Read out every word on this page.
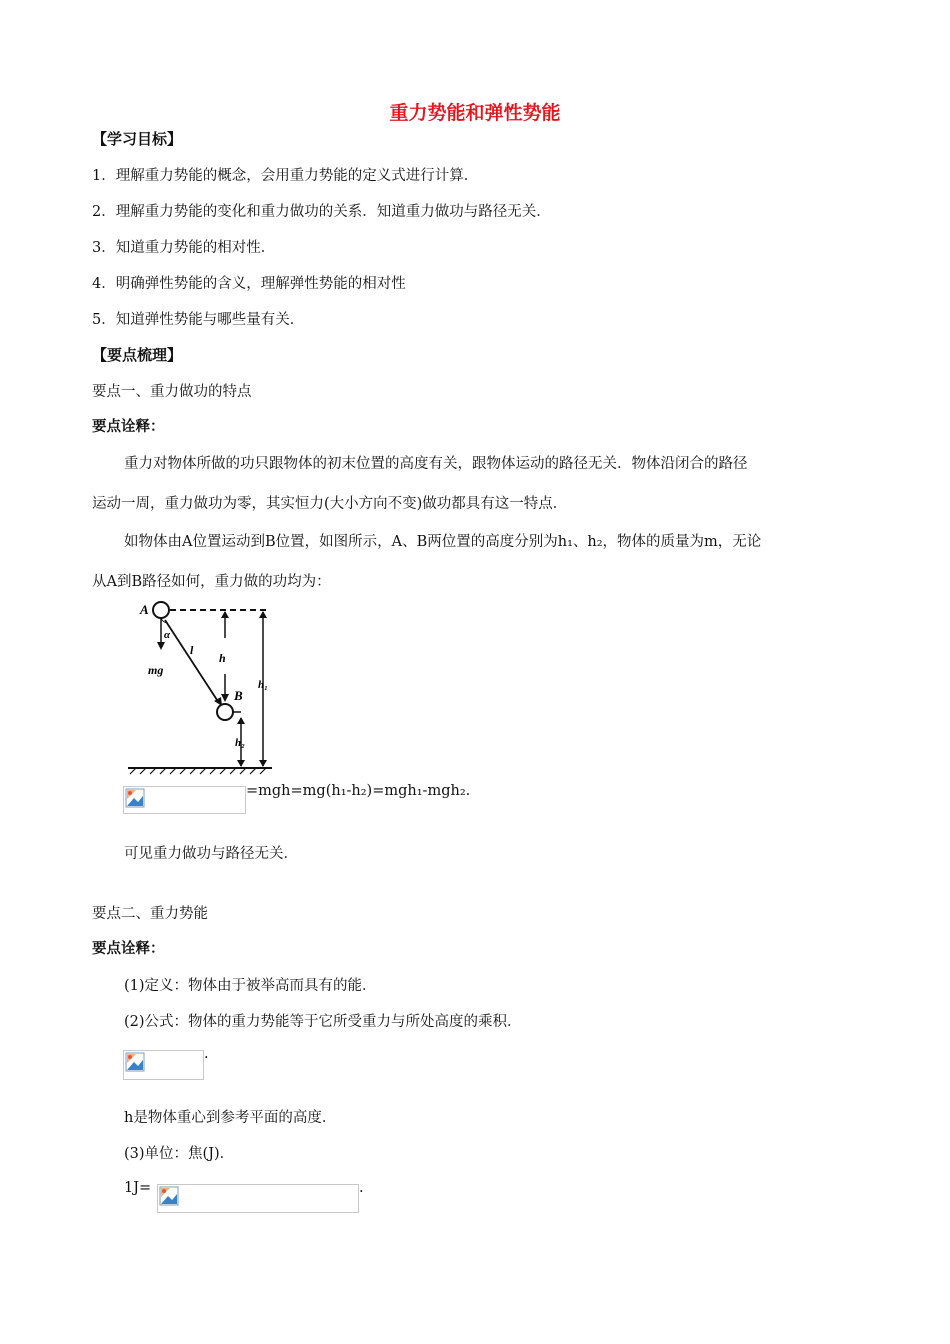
重力势能和弹性势能
【学习目标】
1．理解重力势能的概念，会用重力势能的定义式进行计算．
2．理解重力势能的变化和重力做功的关系．知道重力做功与路径无关．
3．知道重力势能的相对性．
4．明确弹性势能的含义，理解弹性势能的相对性
5．知道弹性势能与哪些量有关．
【要点梳理】
要点一、重力做功的特点
要点诠释：
重力对物体所做的功只跟物体的初末位置的高度有关，跟物体运动的路径无关．物体沿闭合的路径
运动一周，重力做功为零，其实恒力(大小方向不变)做功都具有这一特点．
如物体由A位置运动到B位置，如图所示，A、B两位置的高度分别为h₁、h₂，物体的质量为m，无论
从A到B路径如何，重力做的功均为：
A
α
mg
l
h
B
h₁
h₂
=mgh=mg(h₁-h₂)=mgh₁-mgh₂.
可见重力做功与路径无关．
要点二、重力势能
要点诠释：
(1)定义：物体由于被举高而具有的能．
(2)公式：物体的重力势能等于它所受重力与所处高度的乘积．
.
h是物体重心到参考平面的高度．
(3)单位：焦(J)．
1J=	.
